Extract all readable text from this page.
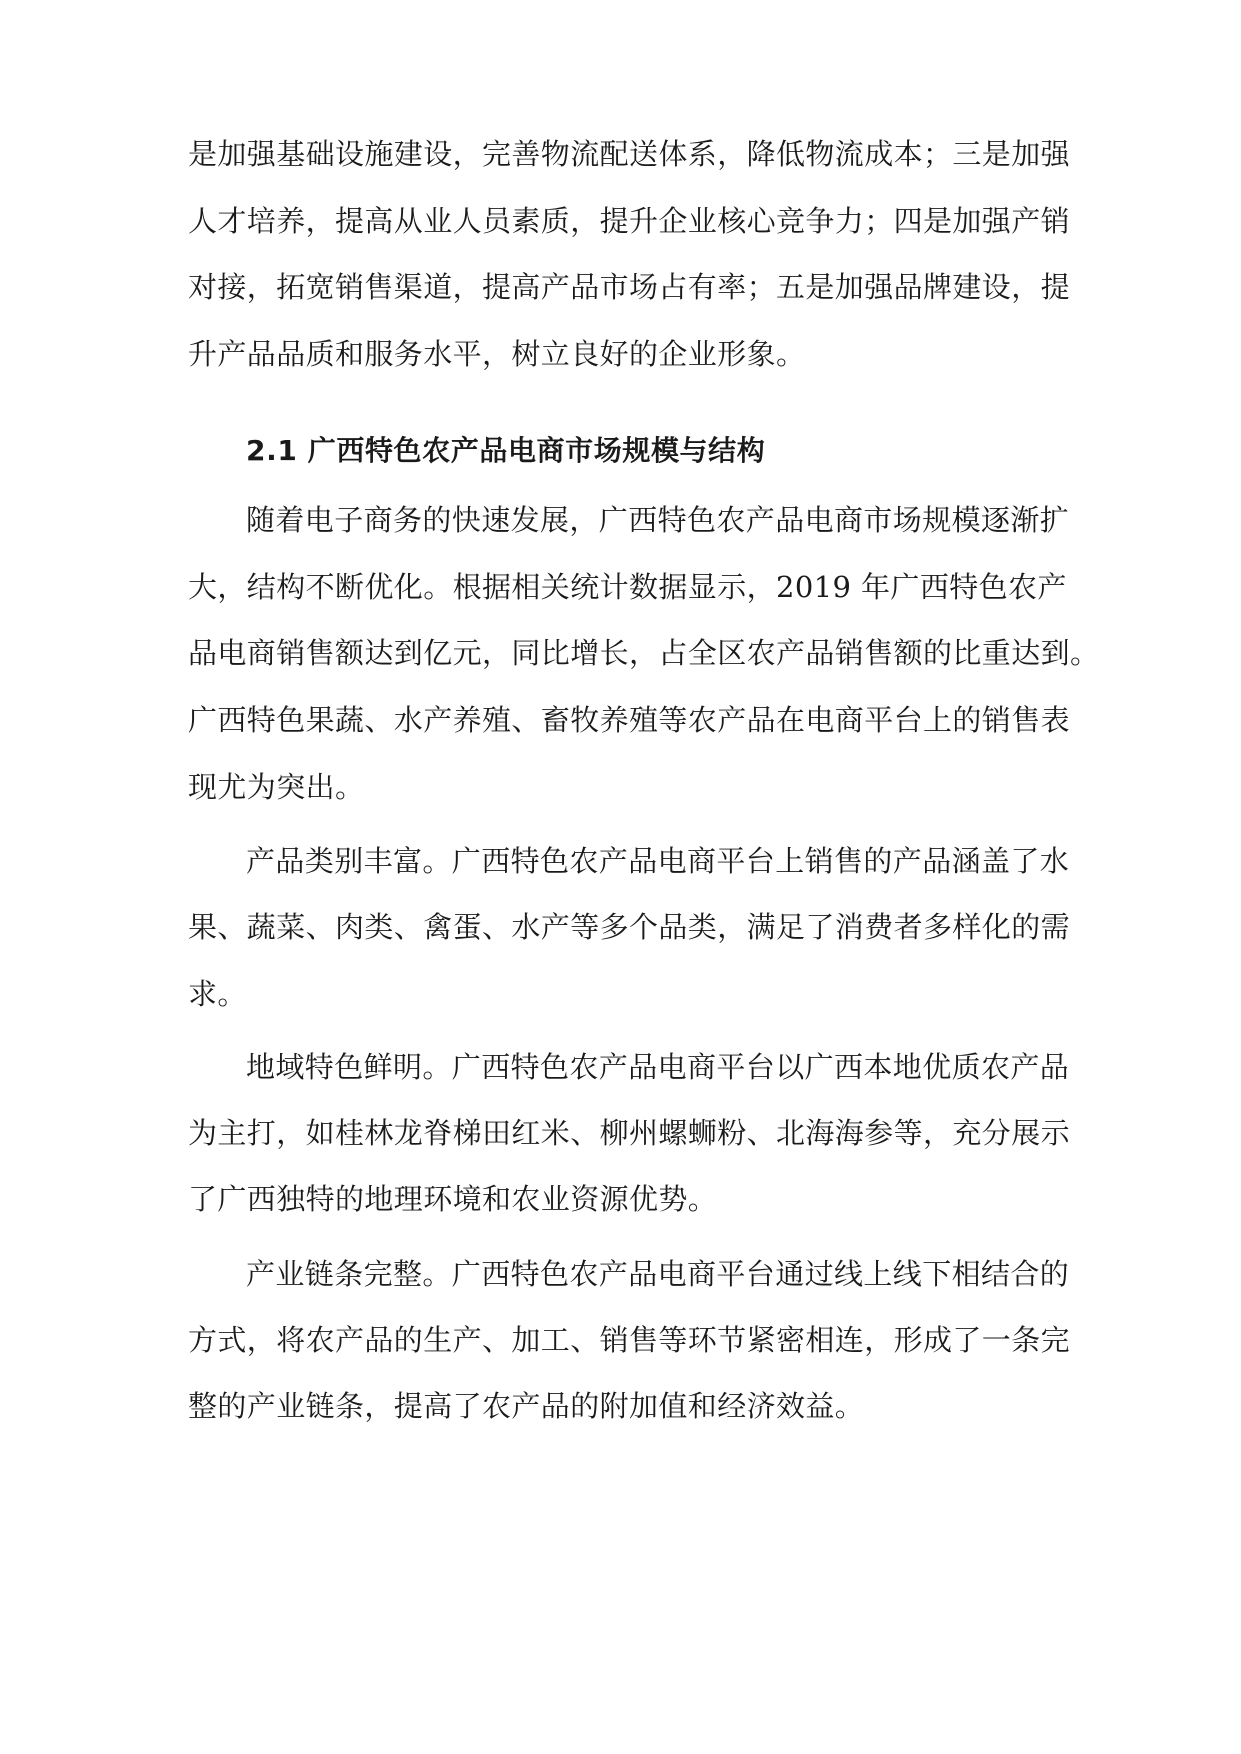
是加强基础设施建设，完善物流配送体系，降低物流成本；三是加强
人才培养，提高从业人员素质，提升企业核心竞争力；四是加强产销
对接，拓宽销售渠道，提高产品市场占有率；五是加强品牌建设，提
升产品品质和服务水平，树立良好的企业形象。
2.1 广西特色农产品电商市场规模与结构
随着电子商务的快速发展，广西特色农产品电商市场规模逐渐扩
大，结构不断优化。根据相关统计数据显示，2019 年广西特色农产
品电商销售额达到亿元，同比增长，占全区农产品销售额的比重达到。
广西特色果蔬、水产养殖、畜牧养殖等农产品在电商平台上的销售表
现尤为突出。
产品类别丰富。广西特色农产品电商平台上销售的产品涵盖了水
果、蔬菜、肉类、禽蛋、水产等多个品类，满足了消费者多样化的需
求。
地域特色鲜明。广西特色农产品电商平台以广西本地优质农产品
为主打，如桂林龙脊梯田红米、柳州螺蛳粉、北海海参等，充分展示
了广西独特的地理环境和农业资源优势。
产业链条完整。广西特色农产品电商平台通过线上线下相结合的
方式，将农产品的生产、加工、销售等环节紧密相连，形成了一条完
整的产业链条，提高了农产品的附加值和经济效益。
